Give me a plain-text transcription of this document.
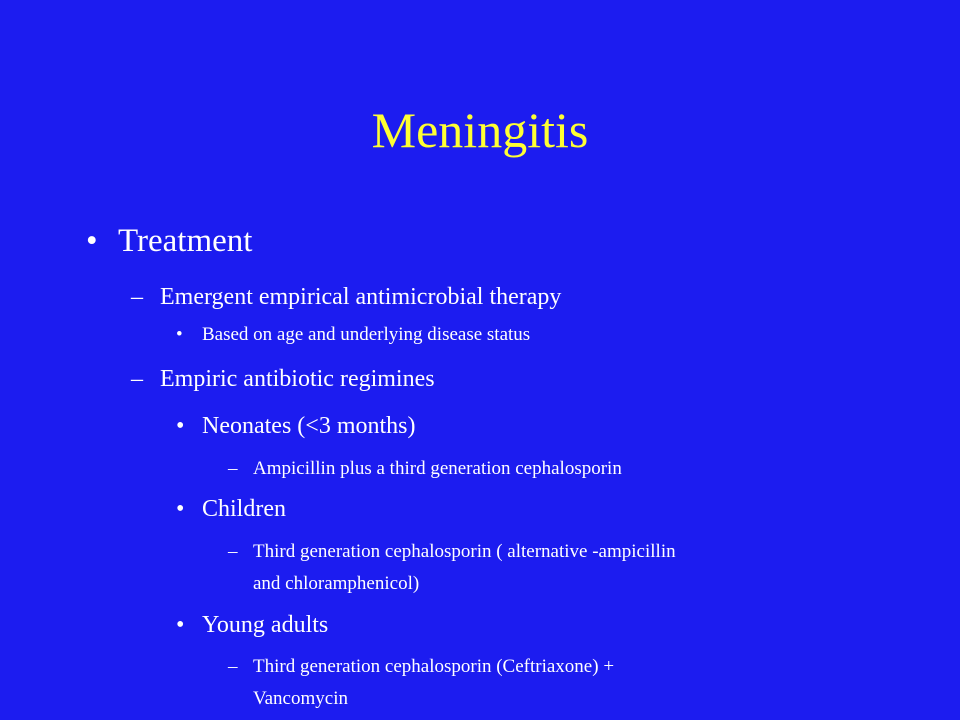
Meningitis
• Treatment
– Emergent empirical antimicrobial therapy
• Based on age and underlying disease status
– Empiric antibiotic regimines
• Neonates (<3 months)
– Ampicillin plus a third generation cephalosporin
• Children
– Third generation cephalosporin ( alternative -ampicillin
and chloramphenicol)
• Young adults
– Third generation cephalosporin (Ceftriaxone) +
Vancomycin
